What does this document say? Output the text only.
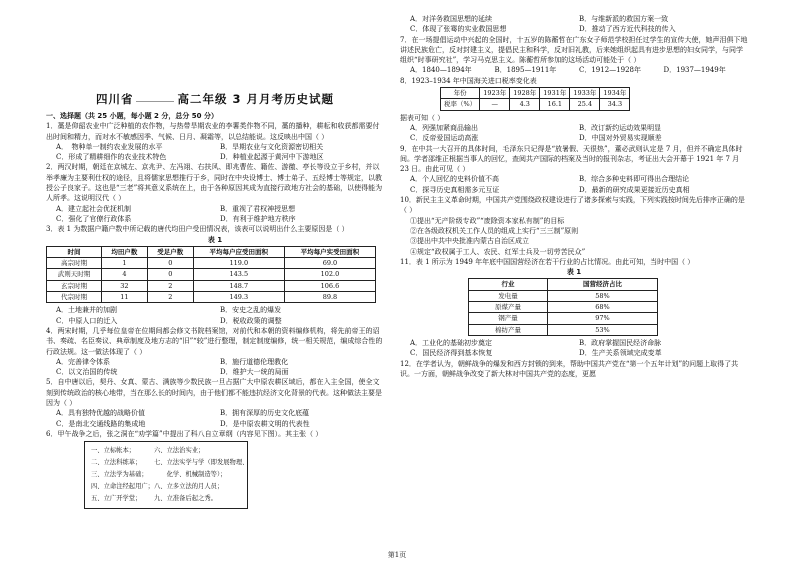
四川省	高二年级 3 月月考历史试题
一、选择题（共 25 小题，每小题 2 分，总分 50 分）

1．藁是仰韶农业中广泛种植的农作物，与热带旱期农业的李薯类作物不同，藁的播种，耕耘和收获都需要付出时间和精力，而对水不敏感因季、气候、日月、凝霜等，以总结能说。这反映出中国（ ）

A．　物种单一制约农业发展的水平	B．旱期农业与文化资源密切相关
C．形成了精耕细作的农业技术特色	D．种植业起源于黄河中下游地区

2．两汉时期，朝廷在京城左、京兆尹、左冯翊、右扶风、即兆曹佐、籍佐、游徼、亭长等设立于乡村，并以举孝廉为主要利仕权的途径，且将儒家思想推行于乡，同时在中央设博士、博士弟子、五经博士等规定，以教授公子良家子。这也是“三老”将其意义系统在上，由于各种原因其成为直接行政地方社会的基础，以使得能为人所孝。这说明汉代（ ）

A．建立起社会优抚机制	B．重视了君权神授思想
C．强化了官僚行政体系	D．有利于维护地方秩序

3．表 1 为数据户籍户数中所记载的唐代均田户受田情况表，该表可以说明出什么主要原因是（ ）

表 1
时间	均田户数	受足户数	平均每户应受田面积	平均每户实受田面积
高宗时期	1	0	119.0	69.0
武则天时期	4	0	143.5	102.0
玄宗时期	32	2	148.7	106.6
代宗时期	11	2	149.3	89.8
A．土地兼并的加剧	B．安史之乱的爆发
C．中原人口的迁入	D．税收政策的调整

4．两宋时期，几乎每位皇帝在位期间都会修文书院档案馆，对前代和本朝的资料编修机构，将先前帝王的诏书、奏疏、名臣奏议、典章制度及地方志的“旧”“较”进行整理，制定制度编修，统一相关规范，编成综合性的行政法规。这一做法体现了（ ）

A．完善律令体系	B．施行道德伦理教化
C．以文治国的传统	D．维护大一统的局面

5．自中唐以后，契丹、女真、蒙古、满族等少数民族一旦占据广大中原农耕区域后，都在入主全国，使全文刻到传统政治的核心地带，当在那么长的时间内，由于他们都不能违抗经济文化背景的代表。这种做法主要是因为（ ）

A．具有独特优越的战略价值	B．拥有深厚的历史文化底蕴
C．是南北交通线路的集成地	D．是中原农耕文明的代表性

6．甲午战争之后，张之洞在“劝学篇”中提出了科八自立章纲（内容见下图）。其主张（ ）

一、立标帐本；	六、立法治实业；
二、立法科练革；	七、立法实学与学（即发展物理、
三、立法学为基础； 　　化学、机械制造等）；
四、立命注经起用广； 八、立多立法的月人员；
五、立广开学堂；	九、立准备后起之秀。
A．对洋务救国思想的延续	B．与维新派的救国方案一致
C．体现了张骞的实业救国思想	D．推动了西方近代科技的传入

7．在一场提倡运动中兴起的全国时，十五岁的陈蘅哲在广东女子师范学校担任过学生的宣传大使，她声泪俱下地讲述民族危亡，反对封建主义，提倡民主和科学，反对旧礼教，后来她组织起具有进步思想的妇女同学，与同学组织“时事研究社”，学习马克思主义。陈蘅哲所参加的这场活动可能处于（ ）

A．1840—1894年	B．1895—1911年	C．1912—1928年	D．1937—1949年

8．1923–1934 年中国海关进口税率变化表

年份	1923年	1928年	1931年	1933年	1934年
税率（%）	—	4.3	16.1	25.4	34.3

据表可知（ ）

A．列强加紧商品输出	B．改订新约运动效果明显
C．反帝爱国运动高涨	D．中国对外贸易实现顺差

9．在中共一大召开的具体时间，毛泽东只记得是“放暑假、天很热”，董必武则认定是 7 月，但并不确定具体时间。学者邵维正根据当事人的回忆，查阅共产国际的档案及当时的报刊杂志，考证出大会开幕于 1921 年 7 月 23 日。由此可见（ ）

A．个人回忆的史料价值不高	B．综合多种史料即可得出合理结论
C．探寻历史真相需多元互证	D．最新的研究成果更接近历史真相

10．新民主主义革命时期，中国共产党围绕政权建设进行了诸多探索与实践，下列实践按时间先后排序正确的是（ ）

①提出“无产阶级专政”“废除资本家私有制”的目标
②在各级政权机关工作人员的组成上实行“三三制”原则
③提出中共中央批准内蒙古自治区成立
④规定“政权属于工人、农民、红军士兵及一切劳苦民众”

11．表 1 所示为 1949 年年底中国国营经济在若干行业的占比情况。由此可知，当时中国（ ）

表 1
行业	国营经济占比
发电量	58%
原煤产量	68%
钢产量	97%
棉纺产量	53%
A．工业化的基础初步奠定	B．政府掌握国民经济命脉
C．国民经济得到基本恢复	D．生产关系领域完成变革

12．在学者认为，朝鲜战争的爆发和西方封锁的到来，帮助中国共产党在“第一个五年计划”的问题上取得了共识。一方面，朝鲜战争改变了新大林对中国共产党的态度，更愿

第1页
